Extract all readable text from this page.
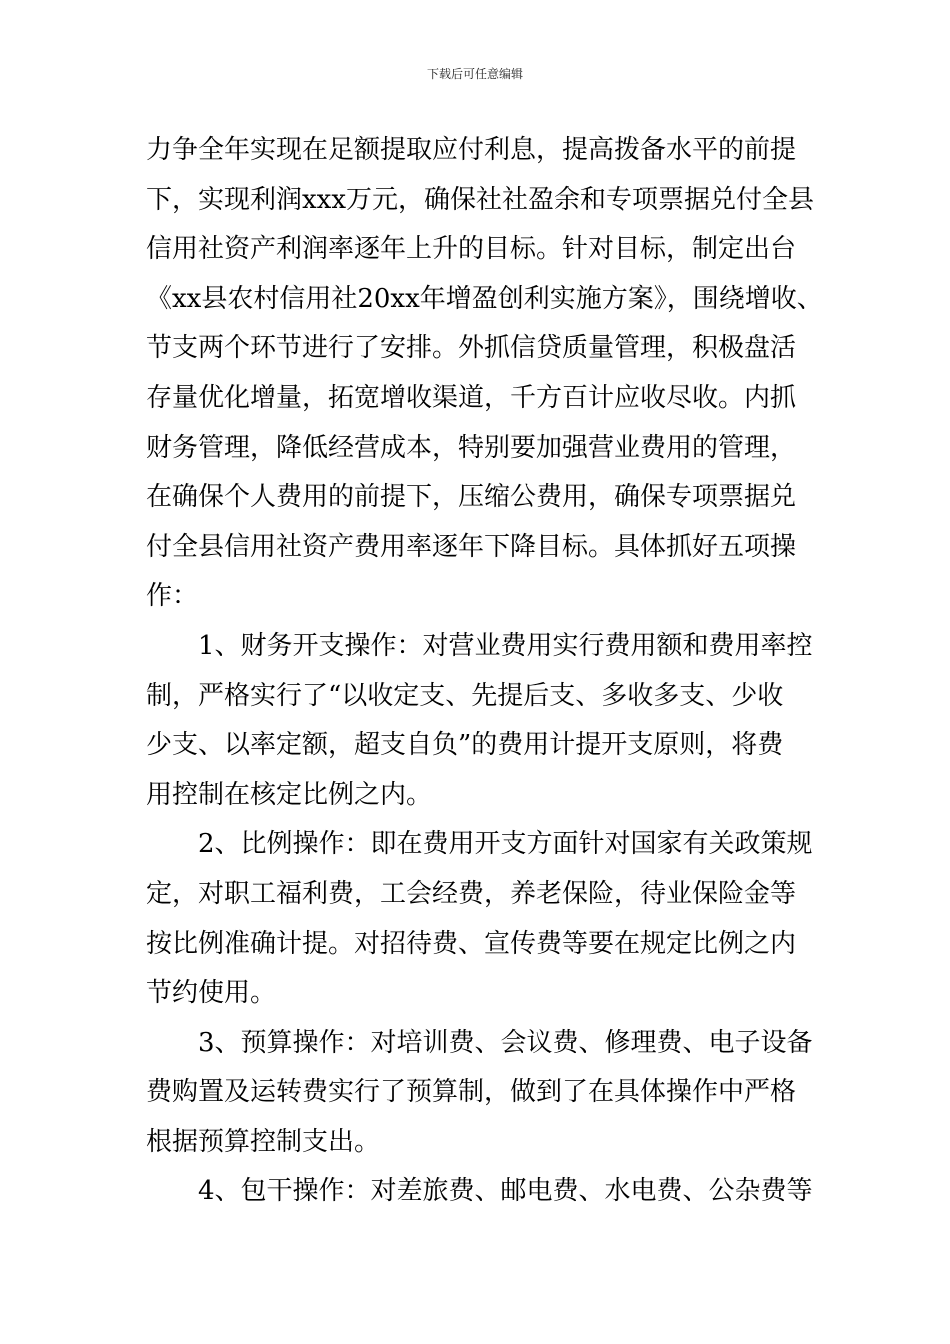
下载后可任意编辑
力争全年实现在足额提取应付利息，提高拨备水平的前提
下，实现利润xxx万元，确保社社盈余和专项票据兑付全县
信用社资产利润率逐年上升的目标。针对目标，制定出台
《xx县农村信用社20xx年增盈创利实施方案》，围绕增收、
节支两个环节进行了安排。外抓信贷质量管理，积极盘活
存量优化增量，拓宽增收渠道，千方百计应收尽收。内抓
财务管理，降低经营成本，特别要加强营业费用的管理，
在确保个人费用的前提下，压缩公费用，确保专项票据兑
付全县信用社资产费用率逐年下降目标。具体抓好五项操
作：
1、财务开支操作：对营业费用实行费用额和费用率控
制，严格实行了“以收定支、先提后支、多收多支、少收
少支、以率定额，超支自负”的费用计提开支原则，将费
用控制在核定比例之内。
2、比例操作：即在费用开支方面针对国家有关政策规
定，对职工福利费，工会经费，养老保险，待业保险金等
按比例准确计提。对招待费、宣传费等要在规定比例之内
节约使用。
3、预算操作：对培训费、会议费、修理费、电子设备
费购置及运转费实行了预算制，做到了在具体操作中严格
根据预算控制支出。
4、包干操作：对差旅费、邮电费、水电费、公杂费等
